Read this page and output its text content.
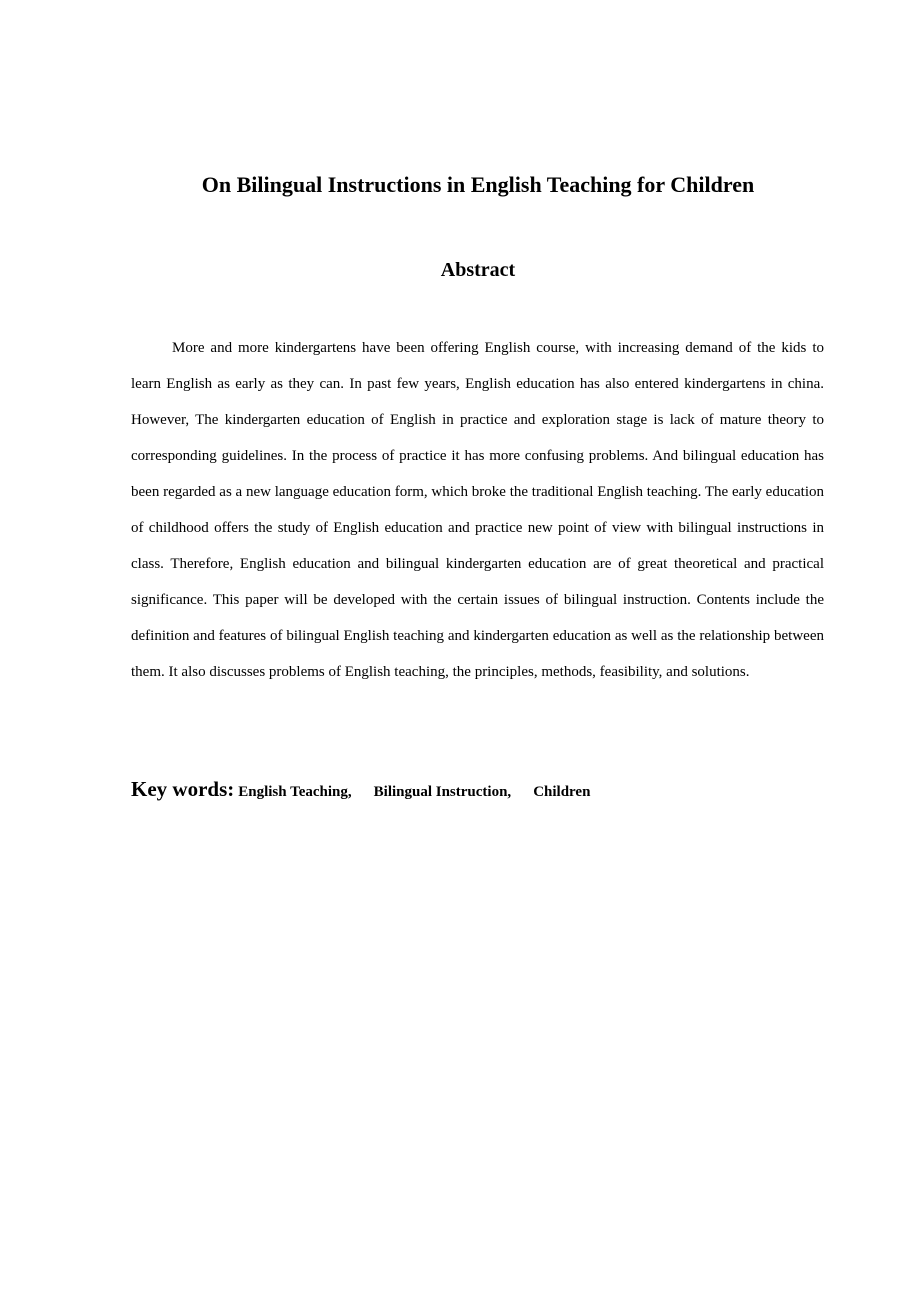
On Bilingual Instructions in English Teaching for Children
Abstract

More and more kindergartens have been offering English course, with increasing demand of the kids to learn English as early as they can. In past few years, English education has also entered kindergartens in china. However, The kindergarten education of English in practice and exploration stage is lack of mature theory to corresponding guidelines. In the process of practice it has more confusing problems. And bilingual education has been regarded as a new language education form, which broke the traditional English teaching. The early education of childhood offers the study of English education and practice new point of view with bilingual instructions in class. Therefore, English education and bilingual kindergarten education are of great theoretical and practical significance. This paper will be developed with the certain issues of bilingual instruction. Contents include the definition and features of bilingual English teaching and kindergarten education as well as the relationship between them. It also discusses problems of English teaching, the principles, methods, feasibility, and solutions.

Key words: English Teaching, Bilingual Instruction, Children
